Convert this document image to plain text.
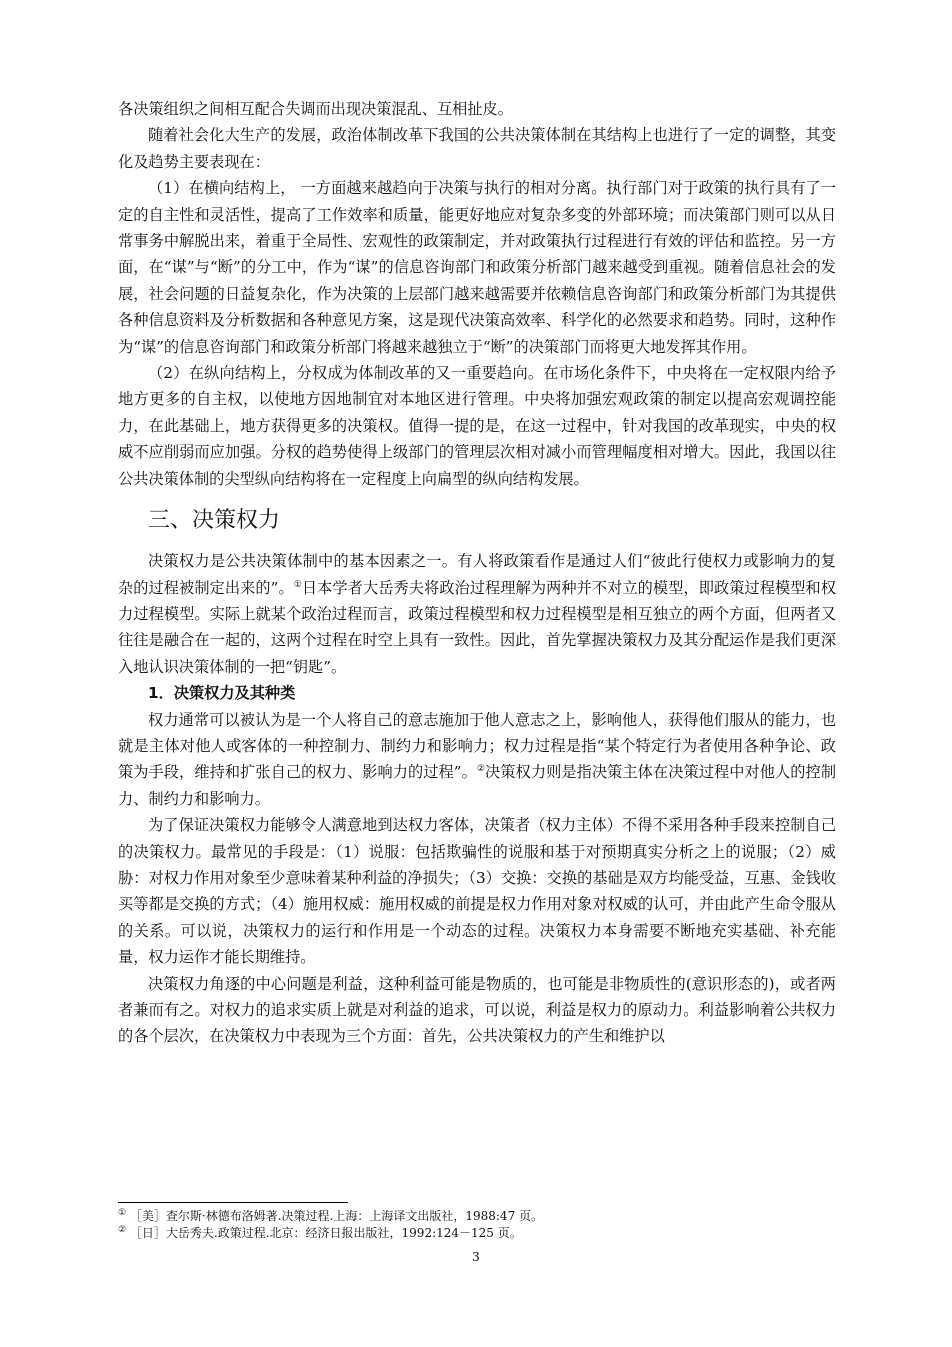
各决策组织之间相互配合失调而出现决策混乱、互相扯皮。

随着社会化大生产的发展，政治体制改革下我国的公共决策体制在其结构上也进行了一定的调整，其变化及趋势主要表现在：

（1）在横向结构上， 一方面越来越趋向于决策与执行的相对分离。执行部门对于政策的执行具有了一定的自主性和灵活性，提高了工作效率和质量，能更好地应对复杂多变的外部环境；而决策部门则可以从日常事务中解脱出来，着重于全局性、宏观性的政策制定，并对政策执行过程进行有效的评估和监控。另一方面，在“谋”与“断”的分工中，作为“谋”的信息咨询部门和政策分析部门越来越受到重视。随着信息社会的发展，社会问题的日益复杂化，作为决策的上层部门越来越需要并依赖信息咨询部门和政策分析部门为其提供各种信息资料及分析数据和各种意见方案，这是现代决策高效率、科学化的必然要求和趋势。同时，这种作为“谋”的信息咨询部门和政策分析部门将越来越独立于“断”的决策部门而将更大地发挥其作用。

（2）在纵向结构上，分权成为体制改革的又一重要趋向。在市场化条件下，中央将在一定权限内给予地方更多的自主权，以使地方因地制宜对本地区进行管理。中央将加强宏观政策的制定以提高宏观调控能力，在此基础上，地方获得更多的决策权。值得一提的是，在这一过程中，针对我国的改革现实，中央的权威不应削弱而应加强。分权的趋势使得上级部门的管理层次相对减小而管理幅度相对增大。因此，我国以往公共决策体制的尖型纵向结构将在一定程度上向扁型的纵向结构发展。

三、决策权力

决策权力是公共决策体制中的基本因素之一。有人将政策看作是通过人们“彼此行使权力或影响力的复杂的过程被制定出来的”。①日本学者大岳秀夫将政治过程理解为两种并不对立的模型，即政策过程模型和权力过程模型。实际上就某个政治过程而言，政策过程模型和权力过程模型是相互独立的两个方面，但两者又往往是融合在一起的，这两个过程在时空上具有一致性。因此，首先掌握决策权力及其分配运作是我们更深入地认识决策体制的一把“钥匙”。

1．决策权力及其种类

权力通常可以被认为是一个人将自己的意志施加于他人意志之上，影响他人，获得他们服从的能力，也就是主体对他人或客体的一种控制力、制约力和影响力；权力过程是指“某个特定行为者使用各种争论、政策为手段，维持和扩张自己的权力、影响力的过程”。②决策权力则是指决策主体在决策过程中对他人的控制力、制约力和影响力。

为了保证决策权力能够令人满意地到达权力客体，决策者（权力主体）不得不采用各种手段来控制自己的决策权力。最常见的手段是：（1）说服：包括欺骗性的说服和基于对预期真实分析之上的说服；（2）威胁：对权力作用对象至少意味着某种利益的净损失；（3）交换：交换的基础是双方均能受益，互惠、金钱收买等都是交换的方式；（4）施用权威：施用权威的前提是权力作用对象对权威的认可，并由此产生命令服从的关系。可以说，决策权力的运行和作用是一个动态的过程。决策权力本身需要不断地充实基础、补充能量，权力运作才能长期维持。

决策权力角逐的中心问题是利益，这种利益可能是物质的，也可能是非物质性的(意识形态的)，或者两者兼而有之。对权力的追求实质上就是对利益的追求，可以说，利益是权力的原动力。利益影响着公共权力的各个层次，在决策权力中表现为三个方面：首先，公共决策权力的产生和维护以

① ［美］查尔斯·林德布洛姆著.决策过程.上海：上海译文出版社，1988:47 页。

② ［日］大岳秀夫.政策过程.北京：经济日报出版社，1992:124－125 页。

3
